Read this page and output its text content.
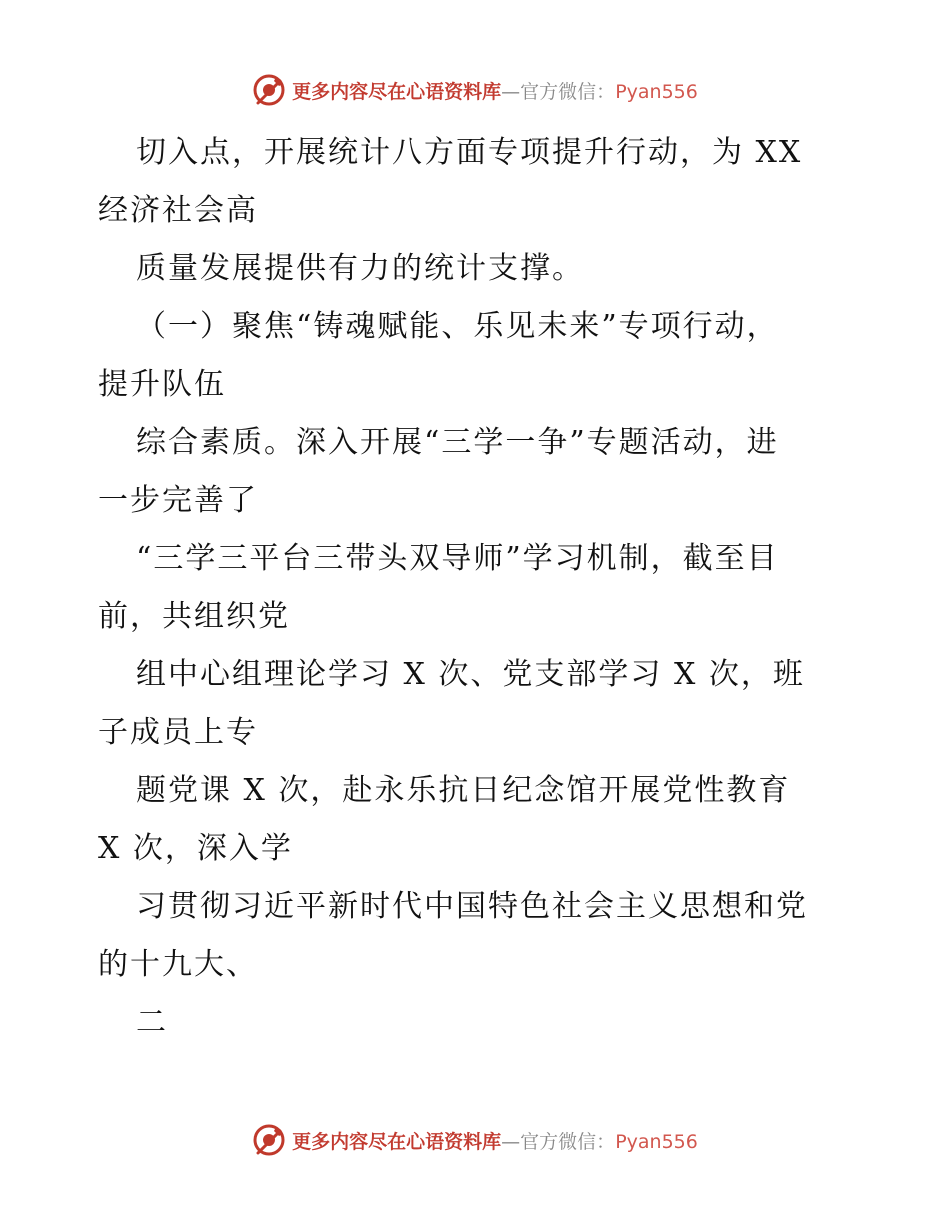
更多内容尽在心语资料库—官方微信：Pyan556
切入点，开展统计八方面专项提升行动，为 XX
经济社会高
质量发展提供有力的统计支撑。
（一）聚焦“铸魂赋能、乐见未来”专项行动，
提升队伍
综合素质。深入开展“三学一争”专题活动，进
一步完善了
“三学三平台三带头双导师”学习机制，截至目
前，共组织党
组中心组理论学习 X 次、党支部学习 X 次，班
子成员上专
题党课 X 次，赴永乐抗日纪念馆开展党性教育
X 次，深入学
习贯彻习近平新时代中国特色社会主义思想和党
的十九大、
二
更多内容尽在心语资料库—官方微信：Pyan556
